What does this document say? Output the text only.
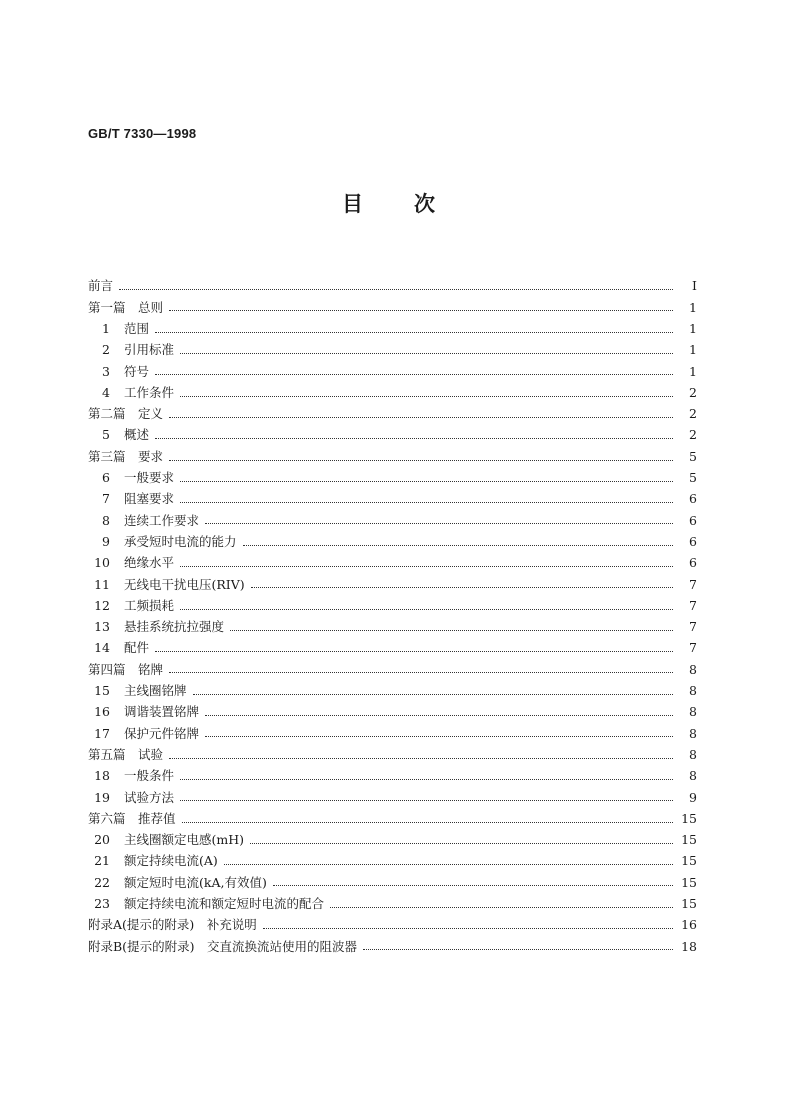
GB/T 7330—1998
目 次
前言	I
第一篇　总则	1
1 范围	1
2 引用标准	1
3 符号	1
4 工作条件	2
第二篇　定义	2
5 概述	2
第三篇　要求	5
6 一般要求	5
7 阻塞要求	6
8 连续工作要求	6
9 承受短时电流的能力	6
10 绝缘水平	6
11 无线电干扰电压(RIV)	7
12 工频损耗	7
13 悬挂系统抗拉强度	7
14 配件	7
第四篇　铭牌	8
15 主线圈铭牌	8
16 调谐装置铭牌	8
17 保护元件铭牌	8
第五篇　试验	8
18 一般条件	8
19 试验方法	9
第六篇　推荐值	15
20 主线圈额定电感(mH)	15
21 额定持续电流(A)	15
22 额定短时电流(kA,有效值)	15
23 额定持续电流和额定短时电流的配合	15
附录A(提示的附录)　补充说明	16
附录B(提示的附录)　交直流换流站使用的阻波器	18
